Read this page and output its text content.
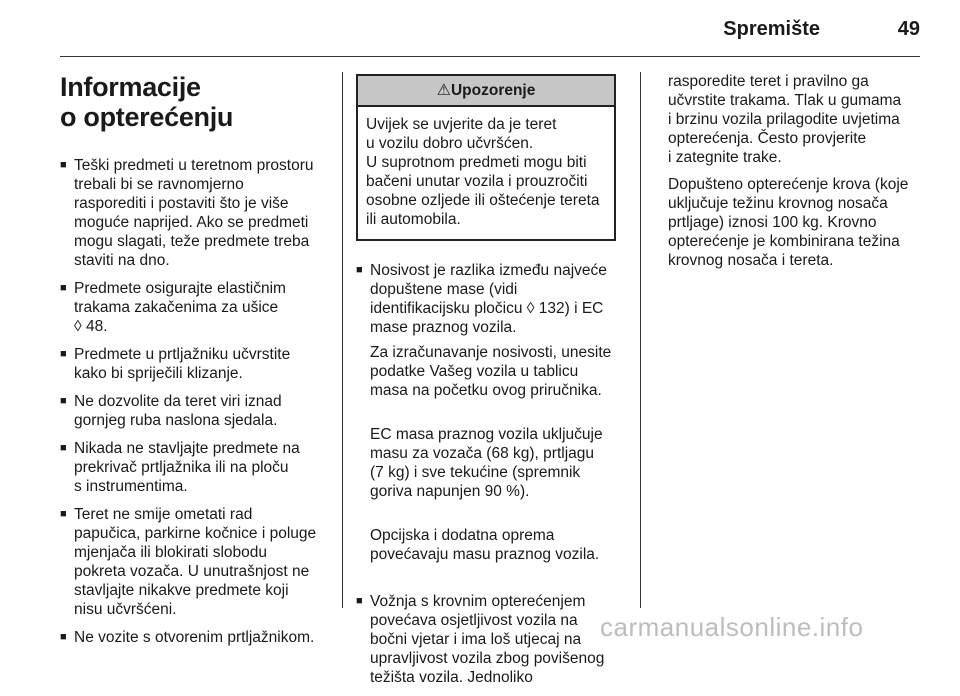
Spremište	49
Informacije
o opterećenju
■ Teški predmeti u teretnom prostoru
trebali bi se ravnomjerno
rasporediti i postaviti što je više
moguće naprijed. Ako se predmeti
mogu slagati, teže predmete treba
staviti na dno.
■ Predmete osigurajte elastičnim
trakama zakačenima za ušice
◊ 48.
■ Predmete u prtljažniku učvrstite
kako bi spriječili klizanje.
■ Ne dozvolite da teret viri iznad
gornjeg ruba naslona sjedala.
■ Nikada ne stavljajte predmete na
prekrivač prtljažnika ili na ploču
s instrumentima.
■ Teret ne smije ometati rad
papučica, parkirne kočnice i poluge
mjenjača ili blokirati slobodu
pokreta vozača. U unutrašnjost ne
stavljajte nikakve predmete koji
nisu učvršćeni.
■ Ne vozite s otvorenim prtljažnikom.
⚠Upozorenje
Uvijek se uvjerite da je teret
u vozilu dobro učvršćen.
U suprotnom predmeti mogu biti
bačeni unutar vozila i prouzročiti
osobne ozljede ili oštećenje tereta
ili automobila.
■ Nosivost je razlika između najveće
dopuštene mase (vidi
identifikacijsku pločicu ◊ 132) i EC
mase praznog vozila.

Za izračunavanje nosivosti, unesite
podatke Vašeg vozila u tablicu
masa na početku ovog priručnika.

EC masa praznog vozila uključuje
masu za vozača (68 kg), prtljagu
(7 kg) i sve tekućine (spremnik
goriva napunjen 90 %).

Opcijska i dodatna oprema
povećavaju masu praznog vozila.

■ Vožnja s krovnim opterećenjem
povećava osjetljivost vozila na
bočni vjetar i ima loš utjecaj na
upravljivost vozila zbog povišenog
težišta vozila. Jednoliko

rasporedite teret i pravilno ga
učvrstite trakama. Tlak u gumama
i brzinu vozila prilagodite uvjetima
opterećenja. Često provjerite
i zategnite trake.

Dopušteno opterećenje krova (koje
uključuje težinu krovnog nosača
prtljage) iznosi 100 kg. Krovno
opterećenje je kombinirana težina
krovnog nosača i tereta.

carmanualsonline.info
